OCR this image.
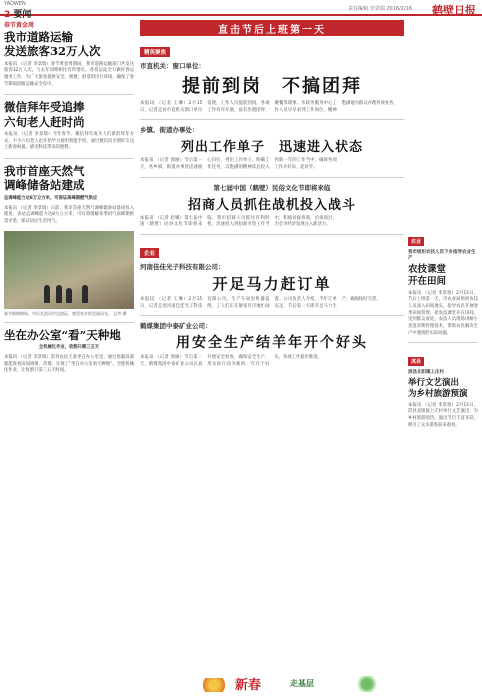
YAOWEN
2 要闻
责任编辑 李景瑞 2016/2/16 鹤壁日报
春节黄金周
我市道路运输
发送旅客32万人次
本报讯 （记者 李景瑞）春节黄金周期间，我市道路运输部门共发送旅客32万人次，与去年同期相比有所增长。各客运站全力做好春运服务工作，为广大旅客提供安全、便捷、舒适的出行环境，确保了春节期间道路运输安全有序。
微信拜年受追捧
六旬老人赶时尚
本报讯 （记者 李景瑞）今年春节，微信拜年成为人们新的拜年方式。不少六旬老人也开始学习使用智能手机，通过微信向亲朋好友送上新春祝福，感受科技带来的便利。
我市首座天然气
调峰储备站建成
总调峰能力达8万立方米，可保证高峰期燃气供应
本报讯 （记者 李景瑞）日前，我市首座天然气调峰储备站建成投入使用，该站总调峰能力达8万立方米，可有效缓解冬季用气高峰期供需矛盾，保证居民生活用气。
春节假期期间，市民在淇河岸边游玩，感受家乡的美丽风光。 记者 摄
坐在办公室“看”天种地
全机械化作业，收割只需三五天
本报讯 （记者 李景瑞）淇县农民王某坐在办公室里，通过电脑屏幕就能查看田间墒情、苗情，实现了“坐在办公室看天种地”。全程机械化作业，让收割只需三五天时间。
直击节后上班第一天
精英聚焦
市直机关：窗口单位：
提前到岗　不搞团拜
本报讯 （记者 王琳）2月15日，记者走访市直机关窗口单位发现，工作人员提前到岗，各项工作有序开展，没有出现团拜、聚餐等现象。市政务服务中心工作人员早早来到工作岗位，精神饱满地为群众办理各项业务。
乡镇、街道办事处：
列出工作单子　迅速进入状态
本报讯 （记者 郭丽）节后第一天，各乡镇、街道办事处迅速收心归位，列出工作单子，明确工作任务，以饱满的精神状态投入到新一年的工作当中，确保各项工作开好局、起好步。
第七届中国（鹤壁）民俗文化节即将来临
招商人员抓住战机投入战斗
本报讯 （记者 赵娜）第七届中国（鹤壁）民俗文化节即将来临，我市招商人员抓住有利时机，迅速投入到招商引资工作当中，积极对接客商，洽谈项目，为全市经济发展注入新活力。
企业
河南佳佳光子科技有限公司：
开足马力赶订单
本报讯 （记者 王琳）2月15日，记者走进河南佳佳光子科技有限公司，生产车间里机器轰鸣，工人们正在紧张有序地忙碌着。公司负责人介绍，今年订单充足，节后第一天即开足马力生产，确保按时交货。
鹤煤集团中泰矿业公司：
用安全生产结羊年开个好头
本报讯 （记者 郭丽）节后第一天，鹤煤集团中泰矿业公司认真开展安全检查，确保安全生产，用实际行动为新的一年开个好头，各项工作稳步推进。
农业
我市组织农技人员下乡指导农业生产
农技课堂
开在田间
本报讯 （记者 李景瑞）2月15日，节后上班第一天，市农业局组织农技人员深入田间地头，指导农民开展春季田间管理，把农技课堂开在田间，受到群众欢迎。农技人员现场讲解小麦返青期管理技术，帮助农民解决生产中遇到的实际问题。
淇县
淇县北阳镇上庄村
举行文艺演出
为乡村旅游预演
本报讯 （记者 李景瑞）2月15日，淇县北阳镇上庄村举行文艺演出，为乡村旅游预热。演出节目丰富多彩，吸引了众多游客前来观看。
新春	走基层
